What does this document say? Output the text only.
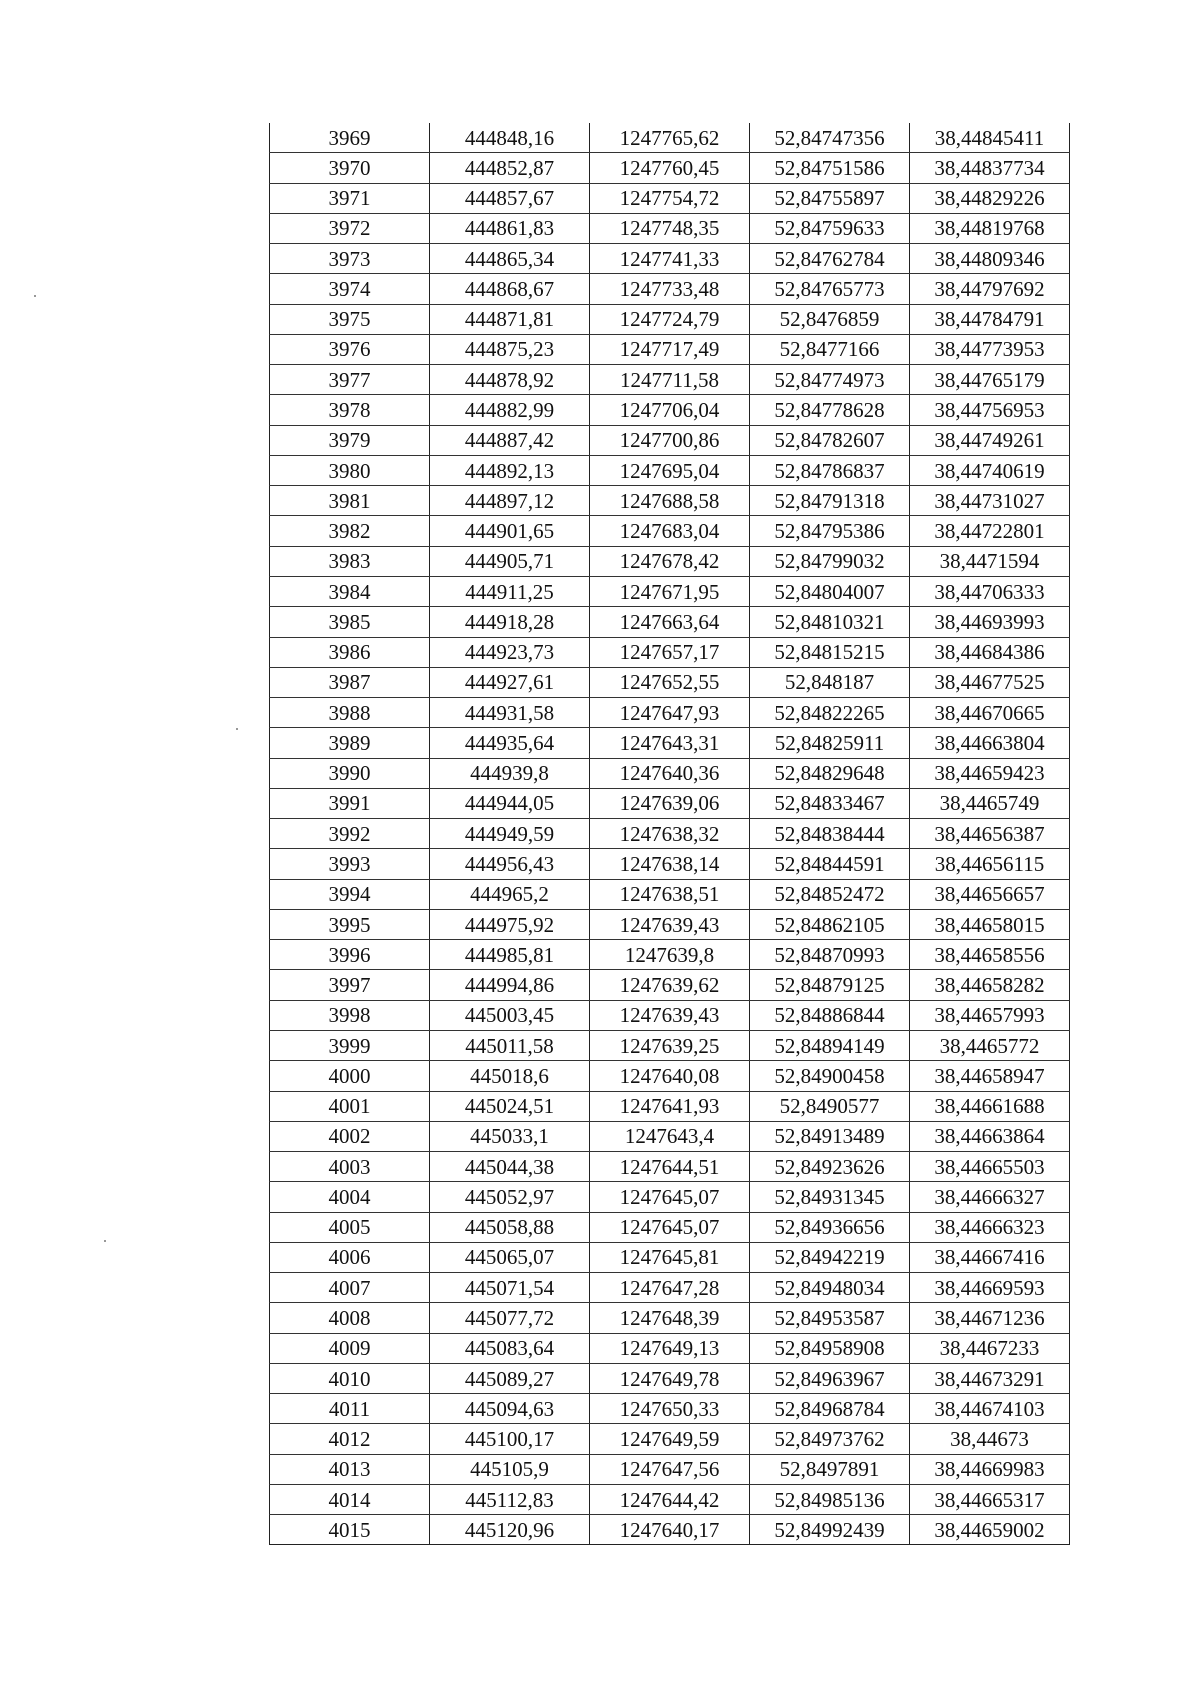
3969	444848,16	1247765,62	52,84747356	38,44845411
3970	444852,87	1247760,45	52,84751586	38,44837734
3971	444857,67	1247754,72	52,84755897	38,44829226
3972	444861,83	1247748,35	52,84759633	38,44819768
3973	444865,34	1247741,33	52,84762784	38,44809346
3974	444868,67	1247733,48	52,84765773	38,44797692
3975	444871,81	1247724,79	52,8476859	38,44784791
3976	444875,23	1247717,49	52,8477166	38,44773953
3977	444878,92	1247711,58	52,84774973	38,44765179
3978	444882,99	1247706,04	52,84778628	38,44756953
3979	444887,42	1247700,86	52,84782607	38,44749261
3980	444892,13	1247695,04	52,84786837	38,44740619
3981	444897,12	1247688,58	52,84791318	38,44731027
3982	444901,65	1247683,04	52,84795386	38,44722801
3983	444905,71	1247678,42	52,84799032	38,4471594
3984	444911,25	1247671,95	52,84804007	38,44706333
3985	444918,28	1247663,64	52,84810321	38,44693993
3986	444923,73	1247657,17	52,84815215	38,44684386
3987	444927,61	1247652,55	52,848187	38,44677525
3988	444931,58	1247647,93	52,84822265	38,44670665
3989	444935,64	1247643,31	52,84825911	38,44663804
3990	444939,8	1247640,36	52,84829648	38,44659423
3991	444944,05	1247639,06	52,84833467	38,4465749
3992	444949,59	1247638,32	52,84838444	38,44656387
3993	444956,43	1247638,14	52,84844591	38,44656115
3994	444965,2	1247638,51	52,84852472	38,44656657
3995	444975,92	1247639,43	52,84862105	38,44658015
3996	444985,81	1247639,8	52,84870993	38,44658556
3997	444994,86	1247639,62	52,84879125	38,44658282
3998	445003,45	1247639,43	52,84886844	38,44657993
3999	445011,58	1247639,25	52,84894149	38,4465772
4000	445018,6	1247640,08	52,84900458	38,44658947
4001	445024,51	1247641,93	52,8490577	38,44661688
4002	445033,1	1247643,4	52,84913489	38,44663864
4003	445044,38	1247644,51	52,84923626	38,44665503
4004	445052,97	1247645,07	52,84931345	38,44666327
4005	445058,88	1247645,07	52,84936656	38,44666323
4006	445065,07	1247645,81	52,84942219	38,44667416
4007	445071,54	1247647,28	52,84948034	38,44669593
4008	445077,72	1247648,39	52,84953587	38,44671236
4009	445083,64	1247649,13	52,84958908	38,4467233
4010	445089,27	1247649,78	52,84963967	38,44673291
4011	445094,63	1247650,33	52,84968784	38,44674103
4012	445100,17	1247649,59	52,84973762	38,44673
4013	445105,9	1247647,56	52,8497891	38,44669983
4014	445112,83	1247644,42	52,84985136	38,44665317
4015	445120,96	1247640,17	52,84992439	38,44659002
